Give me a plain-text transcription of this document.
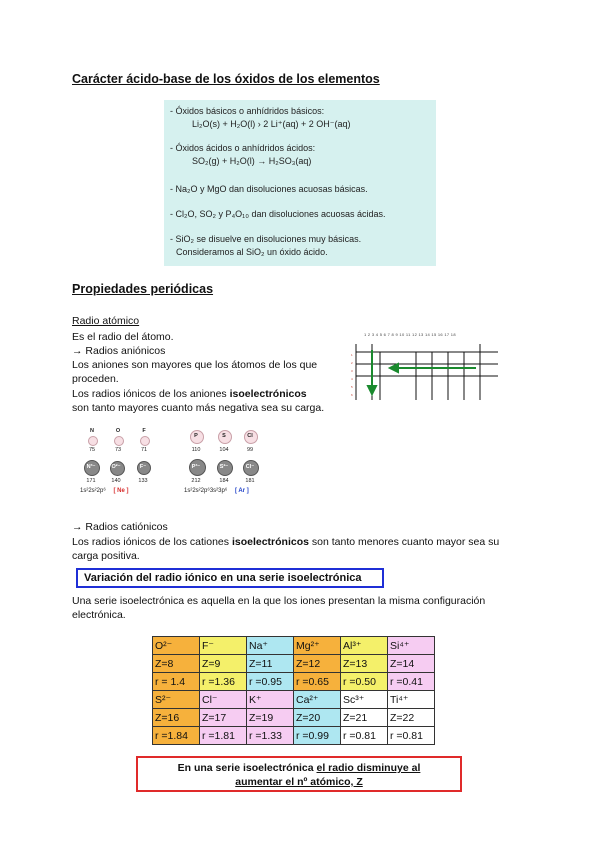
Carácter ácido-base de los óxidos de los elementos
- Óxidos básicos o anhídridos básicos:
Li₂O(s) + H₂O(l) › 2 Li⁺(aq) + 2 OH⁻(aq)
- Óxidos ácidos o anhídridos ácidos:
SO₂(g) + H₂O(l) → H₂SO₃(aq)
- Na₂O y MgO dan disoluciones acuosas básicas.
- Cl₂O, SO₂ y P₄O₁₀ dan disoluciones acuosas ácidas.
- SiO₂ se disuelve en disoluciones muy básicas.
Consideramos al SiO₂ un óxido ácido.
Propiedades periódicas
Radio atómico
Es el radio del átomo.
→ Radios aniónicos
Los aniones son mayores que los átomos de los que
proceden.
Los radios iónicos de los aniones isoelectrónicos
son tanto mayores cuanto más negativa sea su carga.
1 2 3 4 5 6 7 8 9 10 11 12 13 14 15 16 17 18
1
2
3
4
5
6
N	O	F
75	73	71
P	S	Cl
110	104	99
N³⁻	O²⁻	F⁻
171	140	133
P³⁻	S²⁻	Cl⁻
212	184	181
1s²2s²2p⁶ [ Ne ]	1s²2s²2p⁶3s²3p⁶ [ Ar ]
→ Radios catiónicos
Los radios iónicos de los cationes isoelectrónicos son tanto menores cuanto mayor sea su
carga positiva.
Variación del radio iónico en una serie isoelectrónica
Una serie isoelectrónica es aquella en la que los iones presentan la misma configuración
electrónica.
O²⁻	F⁻	Na⁺	Mg²⁺	Al³⁺	Si⁴⁺
Z=8	Z=9	Z=11	Z=12	Z=13	Z=14
r = 1.4	r =1.36	r =0.95	r =0.65	r =0.50	r =0.41
S²⁻	Cl⁻	K⁺	Ca²⁺	Sc³⁺	Ti⁴⁺
Z=16	Z=17	Z=19	Z=20	Z=21	Z=22
r =1.84	r =1.81	r =1.33	r =0.99	r =0.81	r =0.81
En una serie isoelectrónica el radio disminuye al
aumentar el nº atómico, Z
